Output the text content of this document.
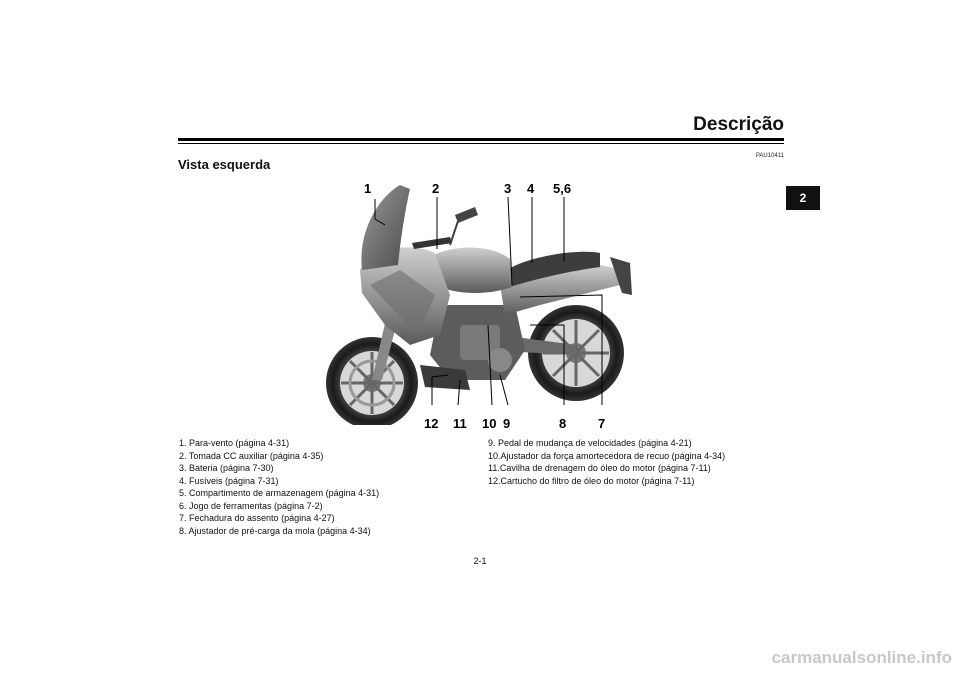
Descrição
PAU10411
Vista esquerda
2
1	2	3 4 5,6
12 11 10 9	8 7
1. Para-vento (página 4-31)
2. Tomada CC auxiliar (página 4-35)
3. Bateria (página 7-30)
4. Fusíveis (página 7-31)
5. Compartimento de armazenagem (página 4-31)
6. Jogo de ferramentas (página 7-2)
7. Fechadura do assento (página 4-27)
8. Ajustador de pré-carga da mola (página 4-34)
9. Pedal de mudança de velocidades (página 4-21)
10.Ajustador da força amortecedora de recuo (página 4-34)
11.Cavilha de drenagem do óleo do motor (página 7-11)
12.Cartucho do filtro de óleo do motor (página 7-11)
2-1
carmanualsonline.info
